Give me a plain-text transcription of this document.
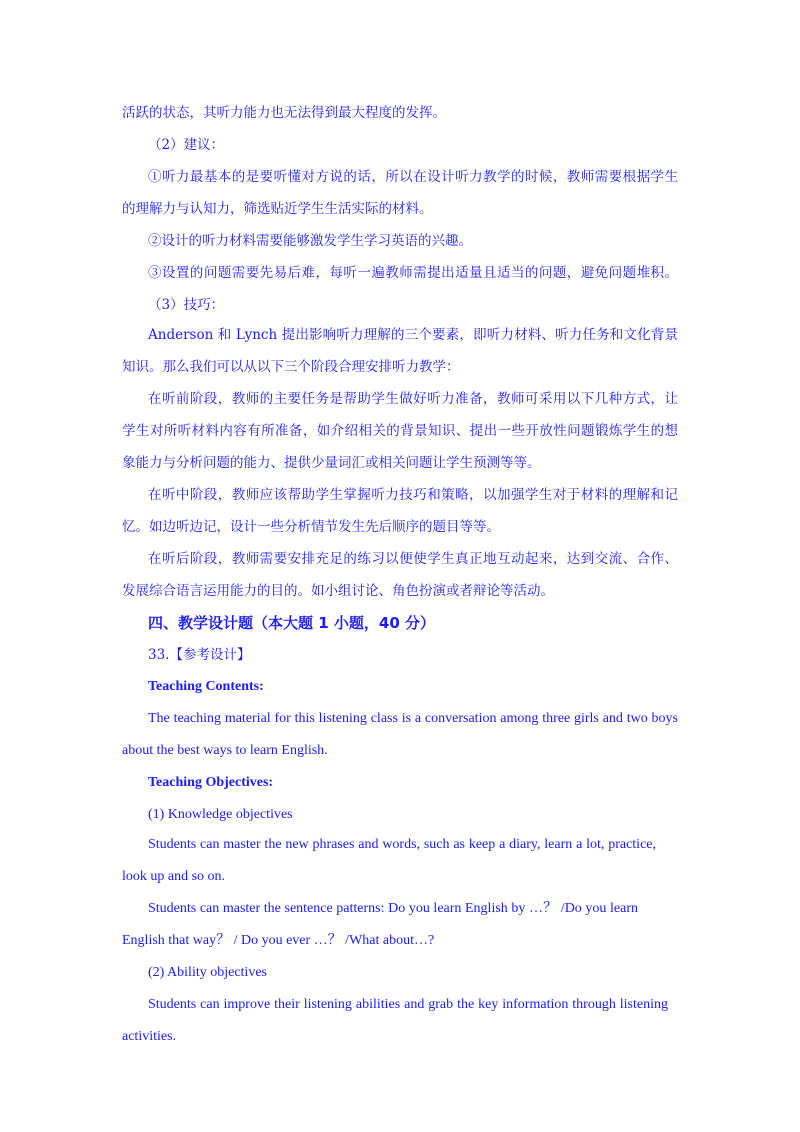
活跃的状态，其听力能力也无法得到最大程度的发挥。
（2）建议：
①听力最基本的是要听懂对方说的话，所以在设计听力教学的时候，教师需要根据学生
的理解力与认知力，筛选贴近学生生活实际的材料。
②设计的听力材料需要能够激发学生学习英语的兴趣。
③设置的问题需要先易后难，每听一遍教师需提出适量且适当的问题，避免问题堆积。
（3）技巧：
Anderson 和 Lynch 提出影响听力理解的三个要素，即听力材料、听力任务和文化背景
知识。那么我们可以从以下三个阶段合理安排听力教学：
在听前阶段，教师的主要任务是帮助学生做好听力准备，教师可采用以下几种方式，让
学生对所听材料内容有所准备，如介绍相关的背景知识、提出一些开放性问题锻炼学生的想
象能力与分析问题的能力、提供少量词汇或相关问题让学生预测等等。
在听中阶段，教师应该帮助学生掌握听力技巧和策略，以加强学生对于材料的理解和记
忆。如边听边记，设计一些分析情节发生先后顺序的题目等等。
在听后阶段，教师需要安排充足的练习以便使学生真正地互动起来，达到交流、合作、
发展综合语言运用能力的目的。如小组讨论、角色扮演或者辩论等活动。
四、教学设计题（本大题 1 小题，40 分）
33.【参考设计】
Teaching Contents:
The teaching material for this listening class is a conversation among three girls and two boys
about the best ways to learn English.
Teaching Objectives:
(1) Knowledge objectives
Students can master the new phrases and words, such as keep a diary, learn a lot, practice,
look up and so on.
Students can master the sentence patterns: Do you learn English by …？ /Do you learn
English that way？ / Do you ever …？ /What about…?
(2) Ability objectives
Students can improve their listening abilities and grab the key information through listening
activities.
